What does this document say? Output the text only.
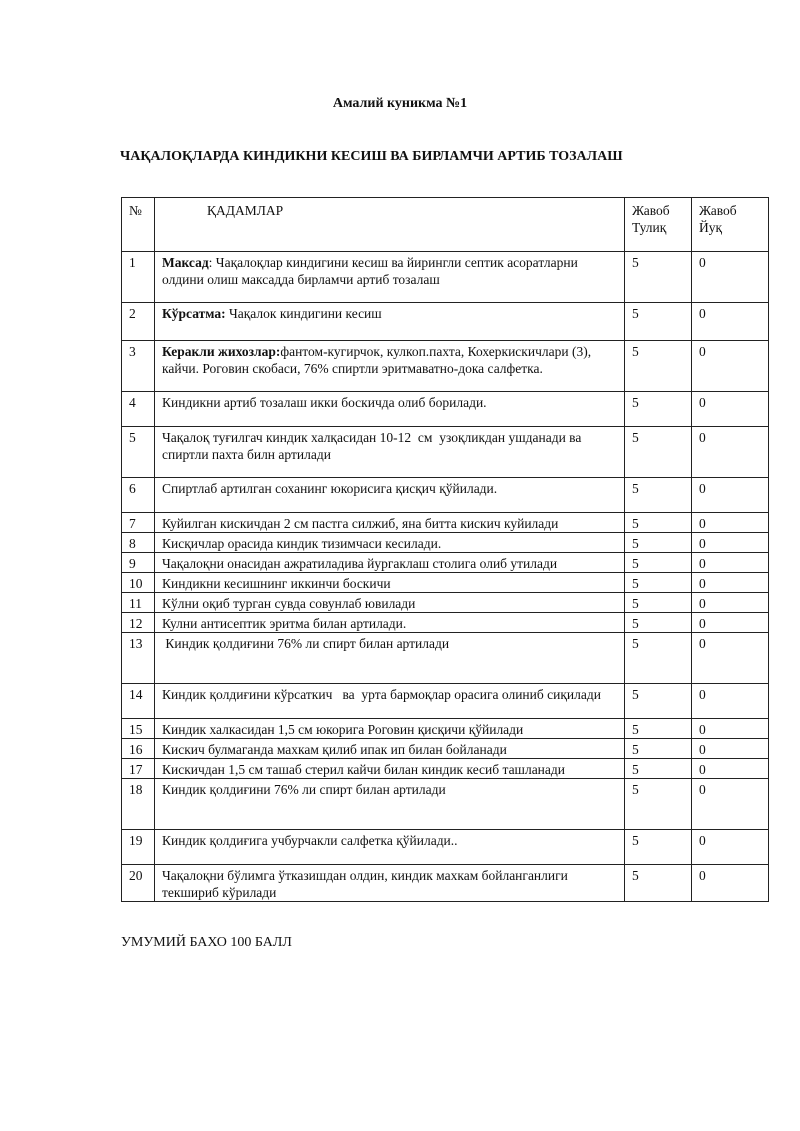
Амалий куникма №1
ЧАҚАЛОҚЛАРДА КИНДИКНИ КЕСИШ ВА БИРЛАМЧИ АРТИБ ТОЗАЛАШ
№	ҚАДАМЛАР	Жавоб Тулиқ	Жавоб Йуқ
1	Максад: Чақалоқлар киндигини кесиш ва йирингли септик асоратларни олдини олиш максадда бирламчи артиб тозалаш	5	0
2	Кўрсатма: Чақалок киндигини кесиш	5	0
3	Керакли жихозлар:фантом-кугирчок, кулкоп.пахта, Кохеркискичлари (3), кайчи. Роговин скобаси, 76% спиртли эритмаватно-дока салфетка.	5	0
4	Киндикни артиб тозалаш икки боскичда олиб борилади.	5	0
5	Чақалоқ туғилгач киндик халқасидан 10-12  см  узоқликдан ушданади ва спиртли пахта билн артилади	5	0
6	Спиртлаб артилган соханинг юкорисига қисқич қўйилади.	5	0
7	Куйилган кискичдан 2 см пастга силжиб, яна битта кискич куйилади	5	0
8	Кисқичлар орасида киндик тизимчаси кесилади.	5	0
9	Чақалоқни онасидан ажратиладива йургаклаш столига олиб утилади	5	0
10	Киндикни кесишнинг иккинчи боскичи	5	0
11	Кўлни оқиб турган сувда совунлаб ювилади	5	0
12	Кулни антисептик эритма билан артилади.	5	0
13	Киндик қолдиғини 76% ли спирт билан артилади	5	0
14	Киндик қолдиғини кўрсаткич   ва  урта бармоқлар орасига олиниб сиқилади	5	0
15	Киндик халкасидан 1,5 см юкорига Роговин қисқичи қўйилади	5	0
16	Кискич булмаганда махкам қилиб ипак ип билан бойланади	5	0
17	Кискичдан 1,5 см ташаб стерил кайчи билан киндик кесиб ташланади	5	0
18	Киндик қолдиғини 76% ли спирт билан артилади	5	0
19	Киндик қолдиғига учбурчакли салфетка қўйилади..	5	0
20	Чақалоқни бўлимга ўтказишдан олдин, киндик махкам бойланганлиги текшириб кўрилади	5	0
УМУМИЙ БАХО 100 БАЛЛ
